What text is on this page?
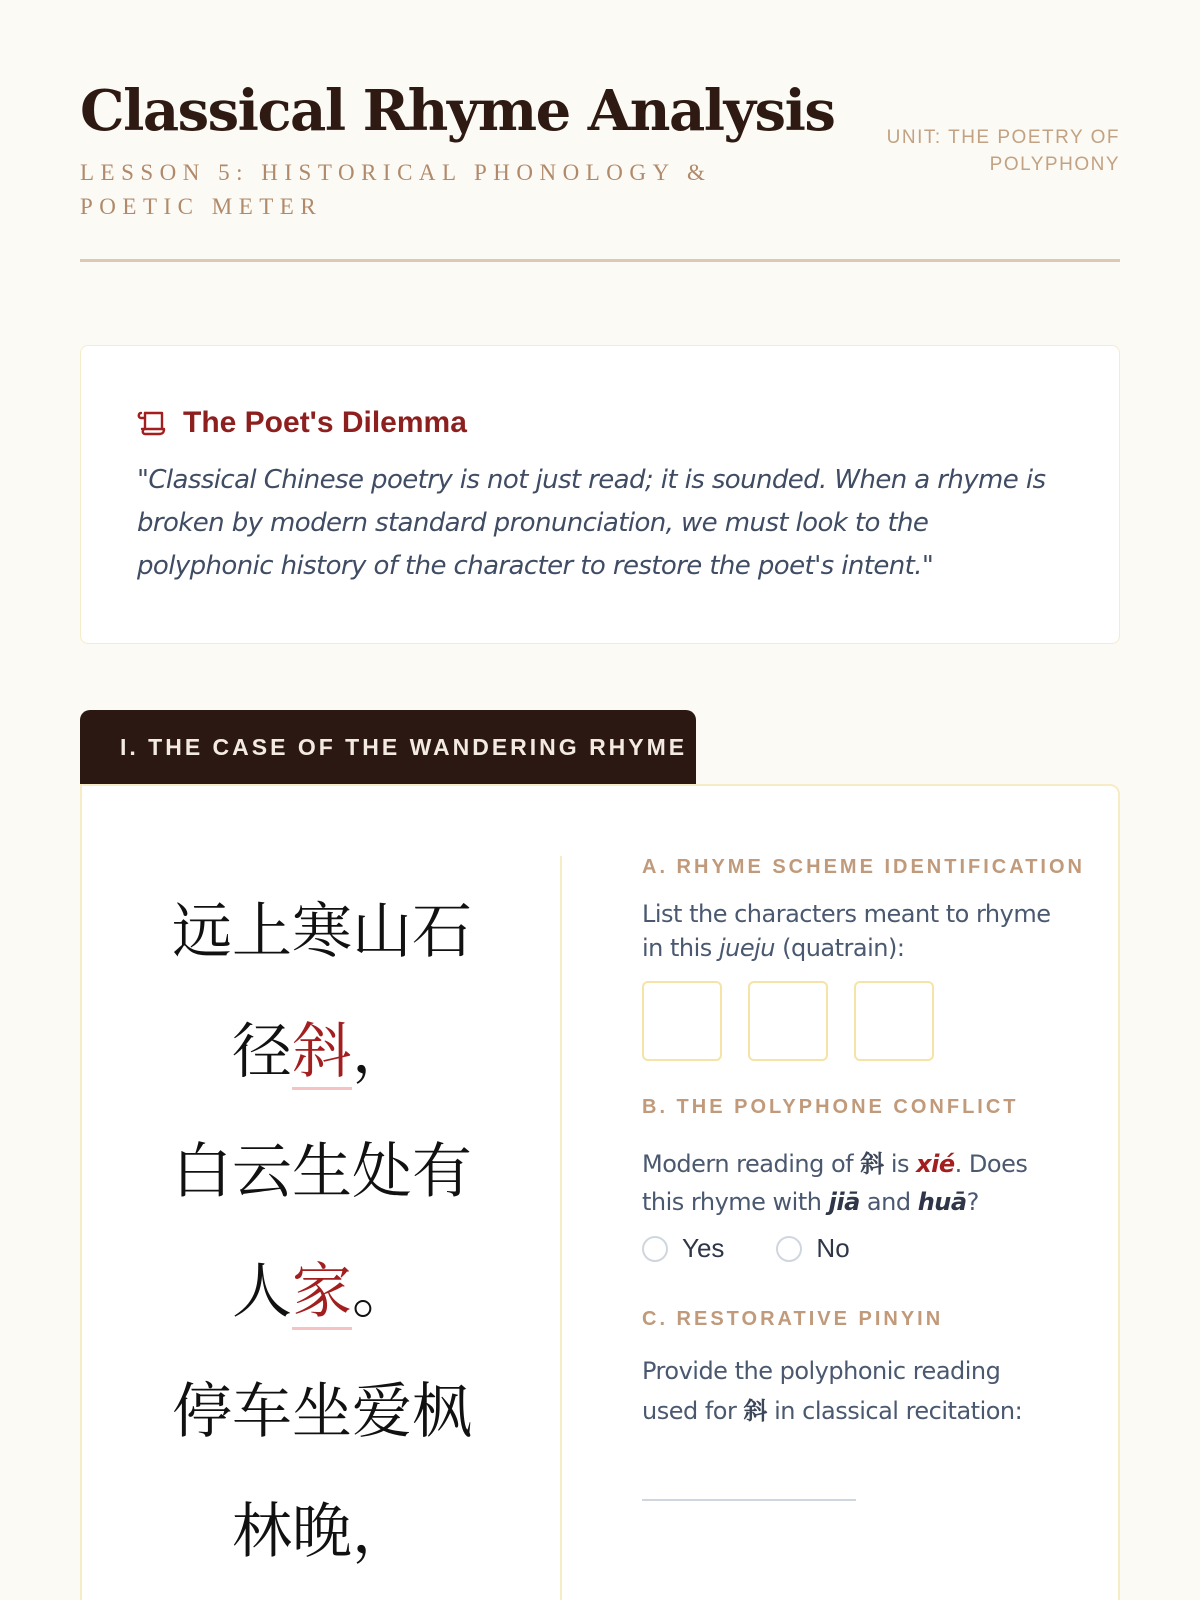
Classical Rhyme Analysis
LESSON 5: HISTORICAL PHONOLOGY & POETIC METER
UNIT: THE POETRY OF POLYPHONY
The Poet's Dilemma

"Classical Chinese poetry is not just read; it is sounded. When a rhyme is broken by modern standard pronunciation, we must look to the polyphonic history of the character to restore the poet's intent."

I. THE CASE OF THE WANDERING RHYME
远上寒山石
径斜，
白云生处有
人家。
停车坐爱枫
林晚，
A. RHYME SCHEME IDENTIFICATION

List the characters meant to rhyme in this jueju (quatrain):

B. THE POLYPHONE CONFLICT

Modern reading of 斜 is xié. Does this rhyme with jiā and huā?

Yes	No
C. RESTORATIVE PINYIN

Provide the polyphonic reading used for 斜 in classical recitation:
